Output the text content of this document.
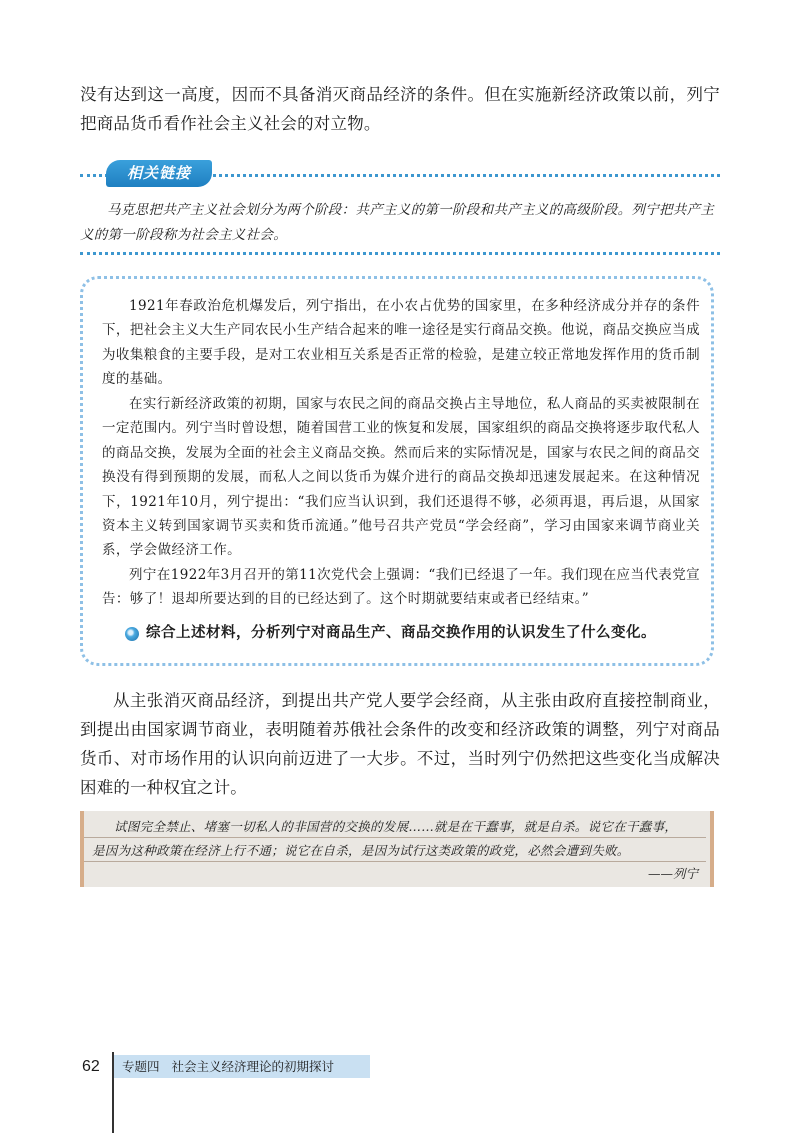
没有达到这一高度，因而不具备消灭商品经济的条件。但在实施新经济政策以前，列宁把商品货币看作社会主义社会的对立物。

相关链接

马克思把共产主义社会划分为两个阶段：共产主义的第一阶段和共产主义的高级阶段。列宁把共产主义的第一阶段称为社会主义社会。

1921年春政治危机爆发后，列宁指出，在小农占优势的国家里，在多种经济成分并存的条件下，把社会主义大生产同农民小生产结合起来的唯一途径是实行商品交换。他说，商品交换应当成为收集粮食的主要手段，是对工农业相互关系是否正常的检验，是建立较正常地发挥作用的货币制度的基础。

在实行新经济政策的初期，国家与农民之间的商品交换占主导地位，私人商品的买卖被限制在一定范围内。列宁当时曾设想，随着国营工业的恢复和发展，国家组织的商品交换将逐步取代私人的商品交换，发展为全面的社会主义商品交换。然而后来的实际情况是，国家与农民之间的商品交换没有得到预期的发展，而私人之间以货币为媒介进行的商品交换却迅速发展起来。在这种情况下，1921年10月，列宁提出：“我们应当认识到，我们还退得不够，必须再退，再后退，从国家资本主义转到国家调节买卖和货币流通。”他号召共产党员“学会经商”，学习由国家来调节商业关系，学会做经济工作。

列宁在1922年3月召开的第11次党代会上强调：“我们已经退了一年。我们现在应当代表党宣告：够了！退却所要达到的目的已经达到了。这个时期就要结束或者已经结束。”

综合上述材料，分析列宁对商品生产、商品交换作用的认识发生了什么变化。

从主张消灭商品经济，到提出共产党人要学会经商，从主张由政府直接控制商业，到提出由国家调节商业，表明随着苏俄社会条件的改变和经济政策的调整，列宁对商品货币、对市场作用的认识向前迈进了一大步。不过，当时列宁仍然把这些变化当成解决困难的一种权宜之计。

试图完全禁止、堵塞一切私人的非国营的交换的发展……就是在干蠢事，就是自杀。说它在干蠢事，

是因为这种政策在经济上行不通；说它在自杀，是因为试行这类政策的政党，必然会遭到失败。

——列宁

62	专题四 社会主义经济理论的初期探讨
